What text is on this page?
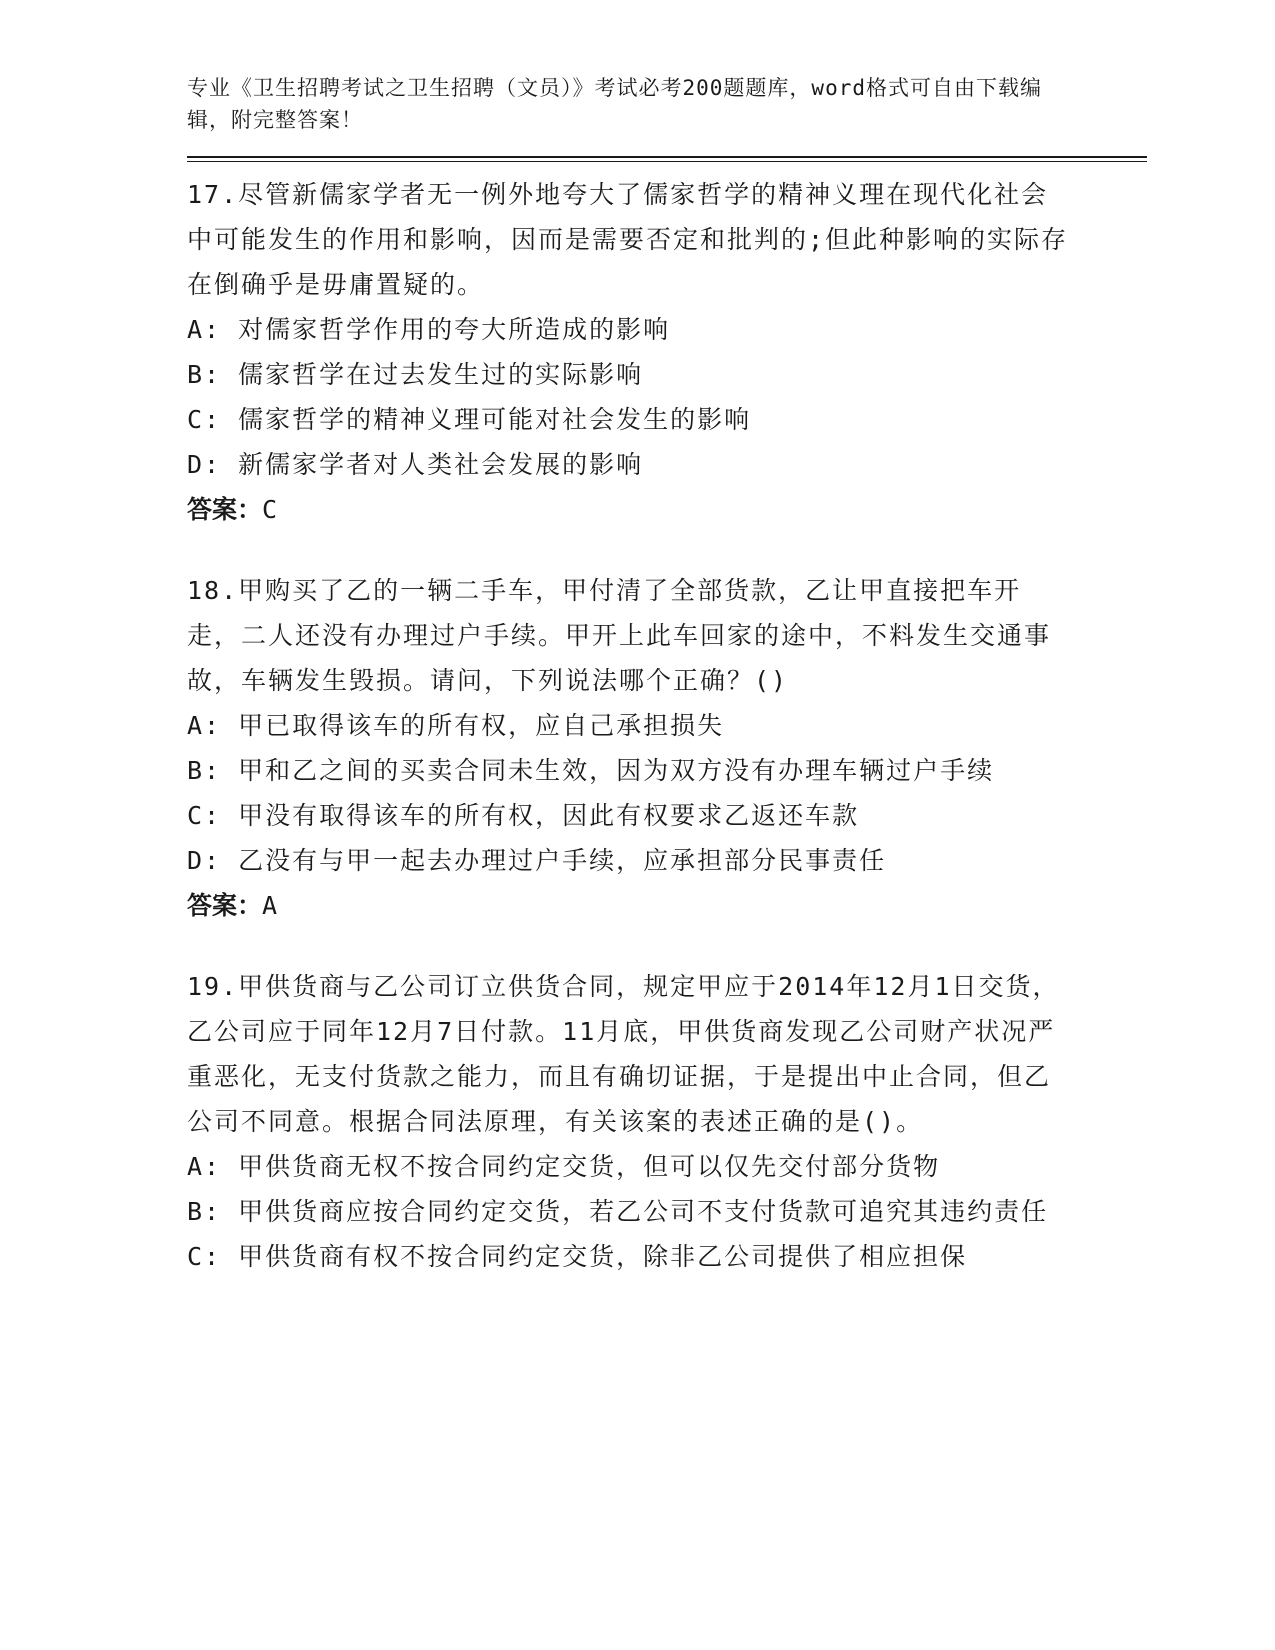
专业《卫生招聘考试之卫生招聘（文员）》考试必考200题题库，word格式可自由下载编辑，附完整答案！

17.尽管新儒家学者无一例外地夸大了儒家哲学的精神义理在现代化社会中可能发生的作用和影响，因而是需要否定和批判的;但此种影响的实际存在倒确乎是毋庸置疑的。

A: 对儒家哲学作用的夸大所造成的影响

B: 儒家哲学在过去发生过的实际影响

C: 儒家哲学的精神义理可能对社会发生的影响

D: 新儒家学者对人类社会发展的影响

答案：C

18.甲购买了乙的一辆二手车，甲付清了全部货款，乙让甲直接把车开走，二人还没有办理过户手续。甲开上此车回家的途中，不料发生交通事故，车辆发生毁损。请问，下列说法哪个正确？()

A: 甲已取得该车的所有权，应自己承担损失

B: 甲和乙之间的买卖合同未生效，因为双方没有办理车辆过户手续

C: 甲没有取得该车的所有权，因此有权要求乙返还车款

D: 乙没有与甲一起去办理过户手续，应承担部分民事责任

答案：A

19.甲供货商与乙公司订立供货合同，规定甲应于2014年12月1日交货，乙公司应于同年12月7日付款。11月底，甲供货商发现乙公司财产状况严重恶化，无支付货款之能力，而且有确切证据，于是提出中止合同，但乙公司不同意。根据合同法原理，有关该案的表述正确的是()。

A: 甲供货商无权不按合同约定交货，但可以仅先交付部分货物

B: 甲供货商应按合同约定交货，若乙公司不支付货款可追究其违约责任

C: 甲供货商有权不按合同约定交货，除非乙公司提供了相应担保
